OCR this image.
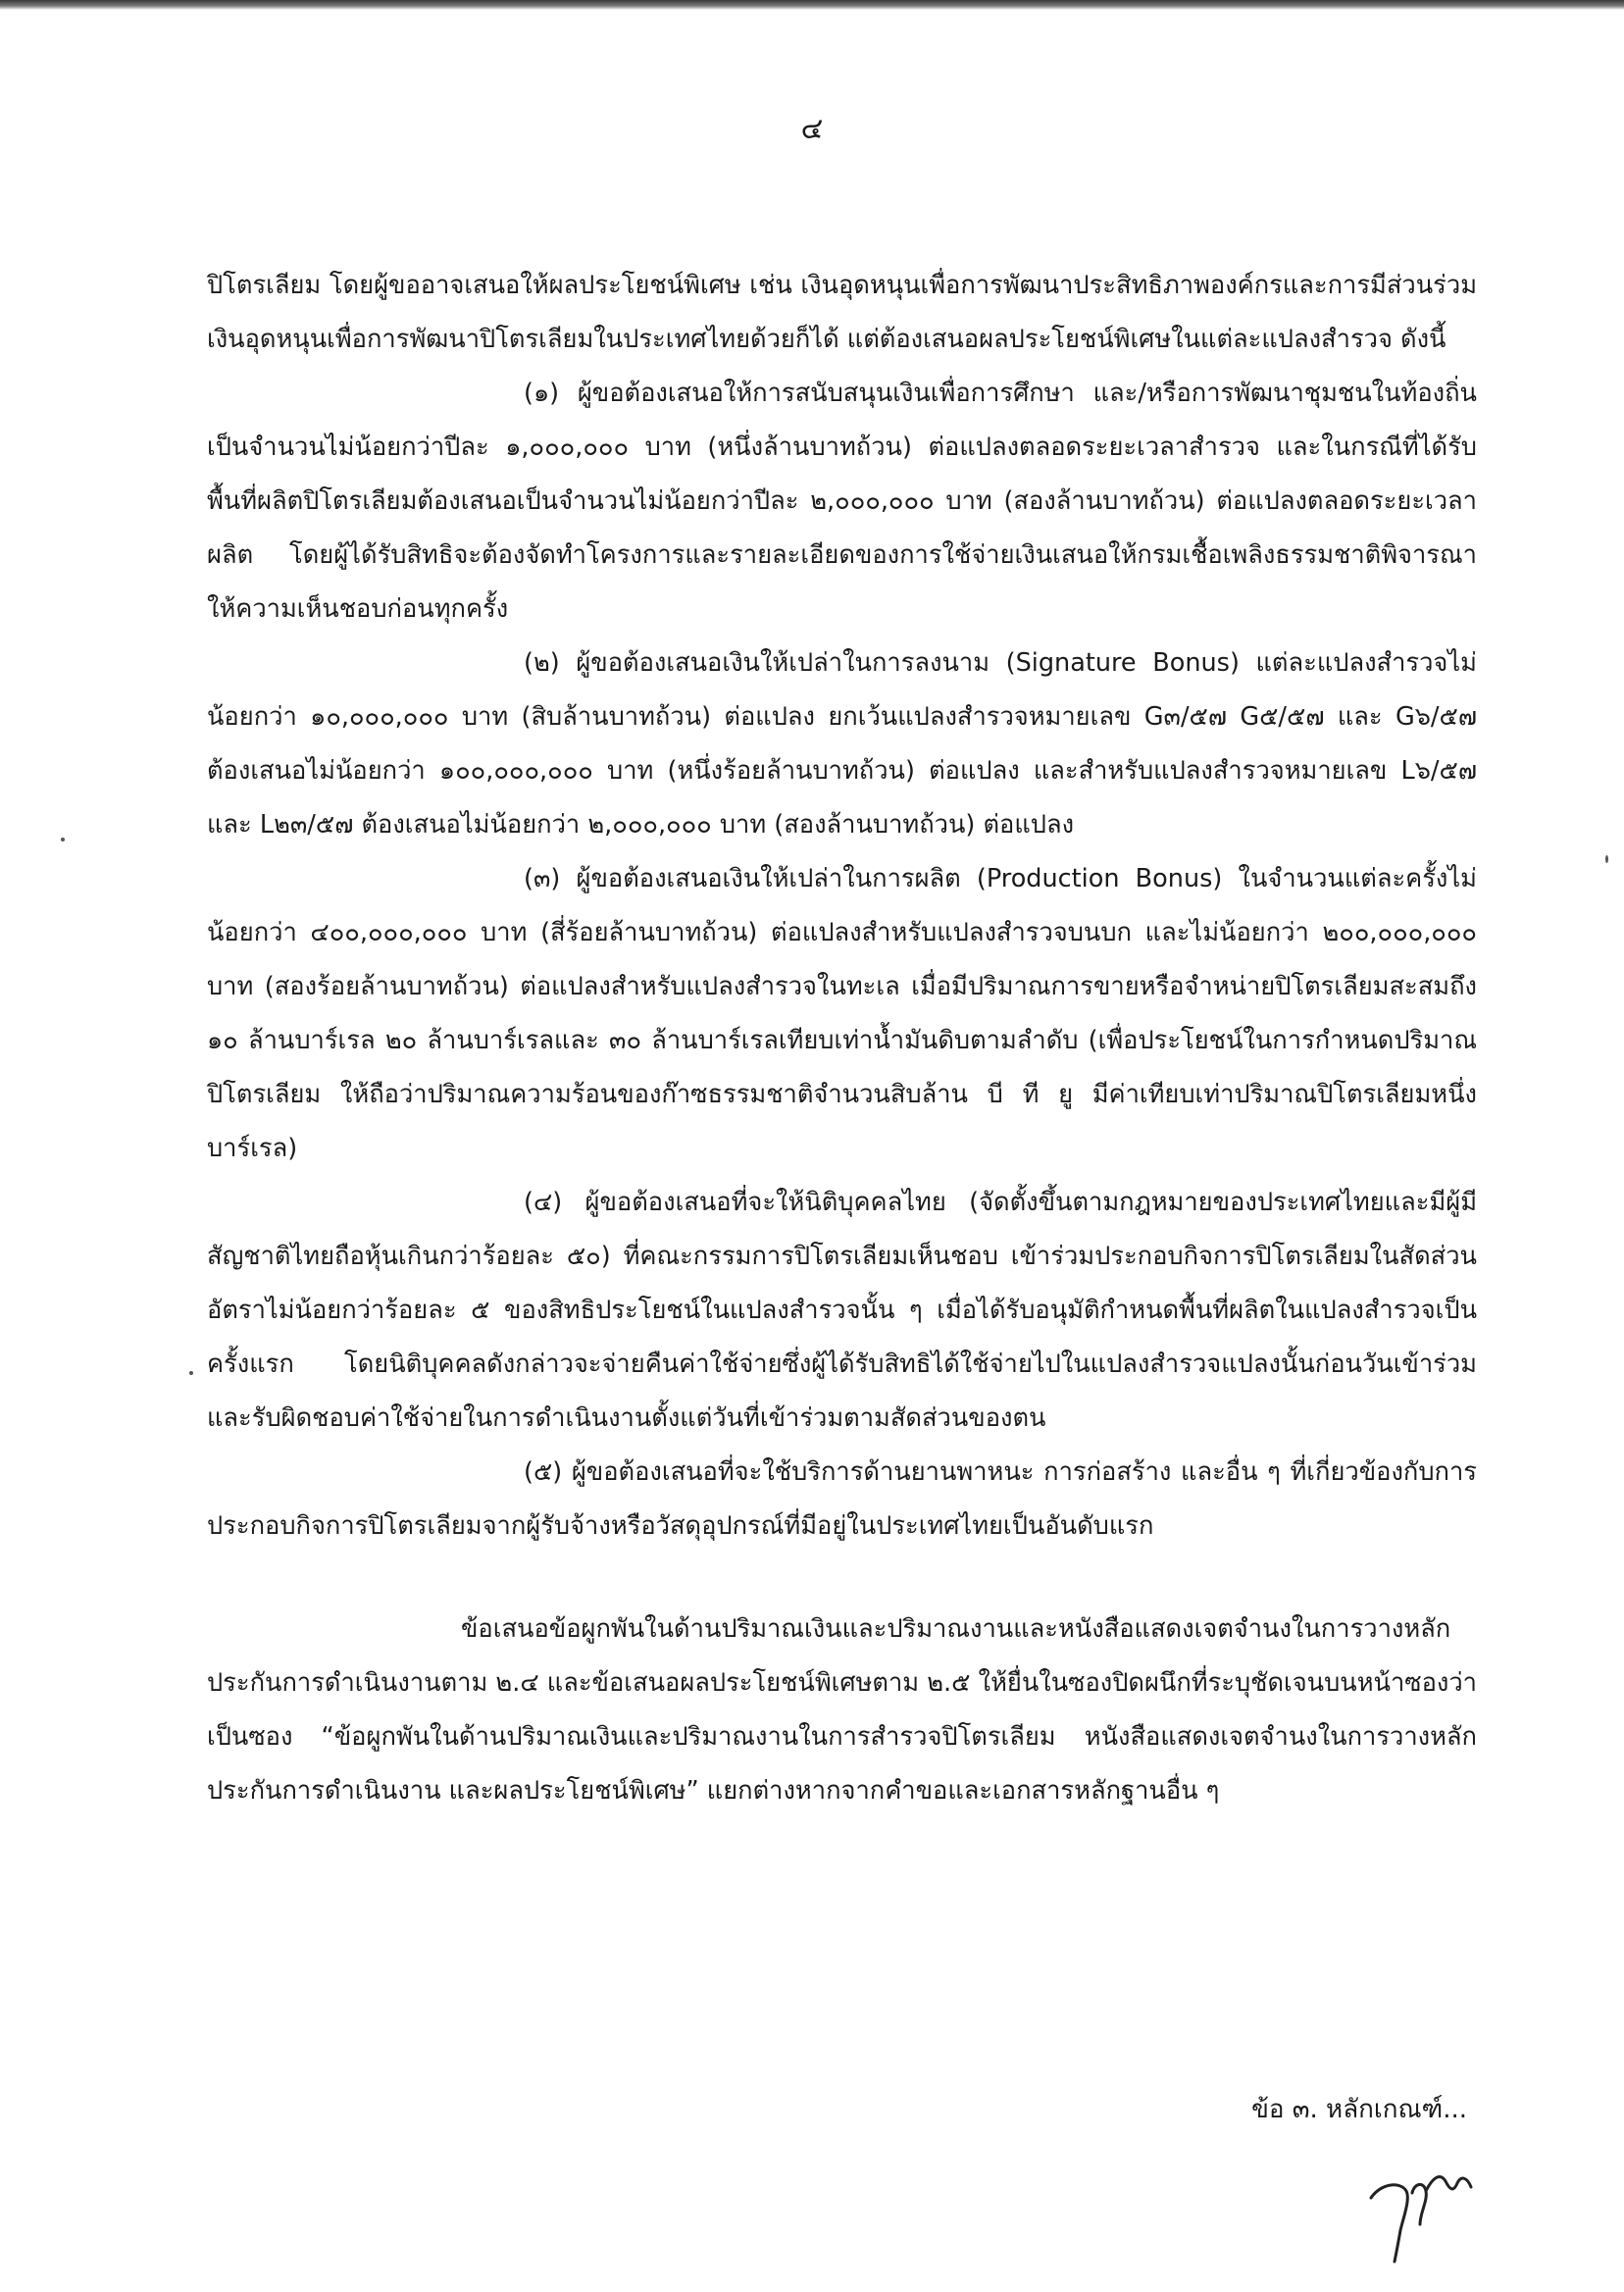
๔

ปิโตรเลียม โดยผู้ขออาจเสนอให้ผลประโยชน์พิเศษ เช่น เงินอุดหนุนเพื่อการพัฒนาประสิทธิภาพองค์กรและการมีส่วนร่วม เงินอุดหนุนเพื่อการพัฒนาปิโตรเลียมในประเทศไทยด้วยก็ได้ แต่ต้องเสนอผลประโยชน์พิเศษในแต่ละแปลงสำรวจ ดังนี้

(๑) ผู้ขอต้องเสนอให้การสนับสนุนเงินเพื่อการศึกษา และ/หรือการพัฒนาชุมชนในท้องถิ่นเป็นจำนวนไม่น้อยกว่าปีละ ๑,๐๐๐,๐๐๐ บาท (หนึ่งล้านบาทถ้วน) ต่อแปลงตลอดระยะเวลาสำรวจ และในกรณีที่ได้รับพื้นที่ผลิตปิโตรเลียมต้องเสนอเป็นจำนวนไม่น้อยกว่าปีละ ๒,๐๐๐,๐๐๐ บาท (สองล้านบาทถ้วน) ต่อแปลงตลอดระยะเวลาผลิต โดยผู้ได้รับสิทธิจะต้องจัดทำโครงการและรายละเอียดของการใช้จ่ายเงินเสนอให้กรมเชื้อเพลิงธรรมชาติพิจารณาให้ความเห็นชอบก่อนทุกครั้ง

(๒) ผู้ขอต้องเสนอเงินให้เปล่าในการลงนาม (Signature Bonus) แต่ละแปลงสำรวจไม่น้อยกว่า ๑๐,๐๐๐,๐๐๐ บาท (สิบล้านบาทถ้วน) ต่อแปลง ยกเว้นแปลงสำรวจหมายเลข G๓/๕๗ G๕/๕๗ และ G๖/๕๗ ต้องเสนอไม่น้อยกว่า ๑๐๐,๐๐๐,๐๐๐ บาท (หนึ่งร้อยล้านบาทถ้วน) ต่อแปลง และสำหรับแปลงสำรวจหมายเลข L๖/๕๗ และ L๒๓/๕๗ ต้องเสนอไม่น้อยกว่า ๒,๐๐๐,๐๐๐ บาท (สองล้านบาทถ้วน) ต่อแปลง

(๓) ผู้ขอต้องเสนอเงินให้เปล่าในการผลิต (Production Bonus) ในจำนวนแต่ละครั้งไม่น้อยกว่า ๔๐๐,๐๐๐,๐๐๐ บาท (สี่ร้อยล้านบาทถ้วน) ต่อแปลงสำหรับแปลงสำรวจบนบก และไม่น้อยกว่า ๒๐๐,๐๐๐,๐๐๐ บาท (สองร้อยล้านบาทถ้วน) ต่อแปลงสำหรับแปลงสำรวจในทะเล เมื่อมีปริมาณการขายหรือจำหน่ายปิโตรเลียมสะสมถึง ๑๐ ล้านบาร์เรล ๒๐ ล้านบาร์เรลและ ๓๐ ล้านบาร์เรลเทียบเท่าน้ำมันดิบตามลำดับ (เพื่อประโยชน์ในการกำหนดปริมาณปิโตรเลียม ให้ถือว่าปริมาณความร้อนของก๊าซธรรมชาติจำนวนสิบล้าน บี ที ยู มีค่าเทียบเท่าปริมาณปิโตรเลียมหนึ่งบาร์เรล)

(๔) ผู้ขอต้องเสนอที่จะให้นิติบุคคลไทย (จัดตั้งขึ้นตามกฎหมายของประเทศไทยและมีผู้มีสัญชาติไทยถือหุ้นเกินกว่าร้อยละ ๕๐) ที่คณะกรรมการปิโตรเลียมเห็นชอบ เข้าร่วมประกอบกิจการปิโตรเลียมในสัดส่วนอัตราไม่น้อยกว่าร้อยละ ๕ ของสิทธิประโยชน์ในแปลงสำรวจนั้น ๆ เมื่อได้รับอนุมัติกำหนดพื้นที่ผลิตในแปลงสำรวจเป็นครั้งแรก โดยนิติบุคคลดังกล่าวจะจ่ายคืนค่าใช้จ่ายซึ่งผู้ได้รับสิทธิได้ใช้จ่ายไปในแปลงสำรวจแปลงนั้นก่อนวันเข้าร่วม และรับผิดชอบค่าใช้จ่ายในการดำเนินงานตั้งแต่วันที่เข้าร่วมตามสัดส่วนของตน

(๕) ผู้ขอต้องเสนอที่จะใช้บริการด้านยานพาหนะ การก่อสร้าง และอื่น ๆ ที่เกี่ยวข้องกับการประกอบกิจการปิโตรเลียมจากผู้รับจ้างหรือวัสดุอุปกรณ์ที่มีอยู่ในประเทศไทยเป็นอันดับแรก

ข้อเสนอข้อผูกพันในด้านปริมาณเงินและปริมาณงานและหนังสือแสดงเจตจำนงในการวางหลักประกันการดำเนินงานตาม ๒.๔ และข้อเสนอผลประโยชน์พิเศษตาม ๒.๕ ให้ยื่นในซองปิดผนึกที่ระบุชัดเจนบนหน้าซองว่าเป็นซอง “ข้อผูกพันในด้านปริมาณเงินและปริมาณงานในการสำรวจปิโตรเลียม หนังสือแสดงเจตจำนงในการวางหลักประกันการดำเนินงาน และผลประโยชน์พิเศษ” แยกต่างหากจากคำขอและเอกสารหลักฐานอื่น ๆ

ข้อ ๓. หลักเกณฑ์...
